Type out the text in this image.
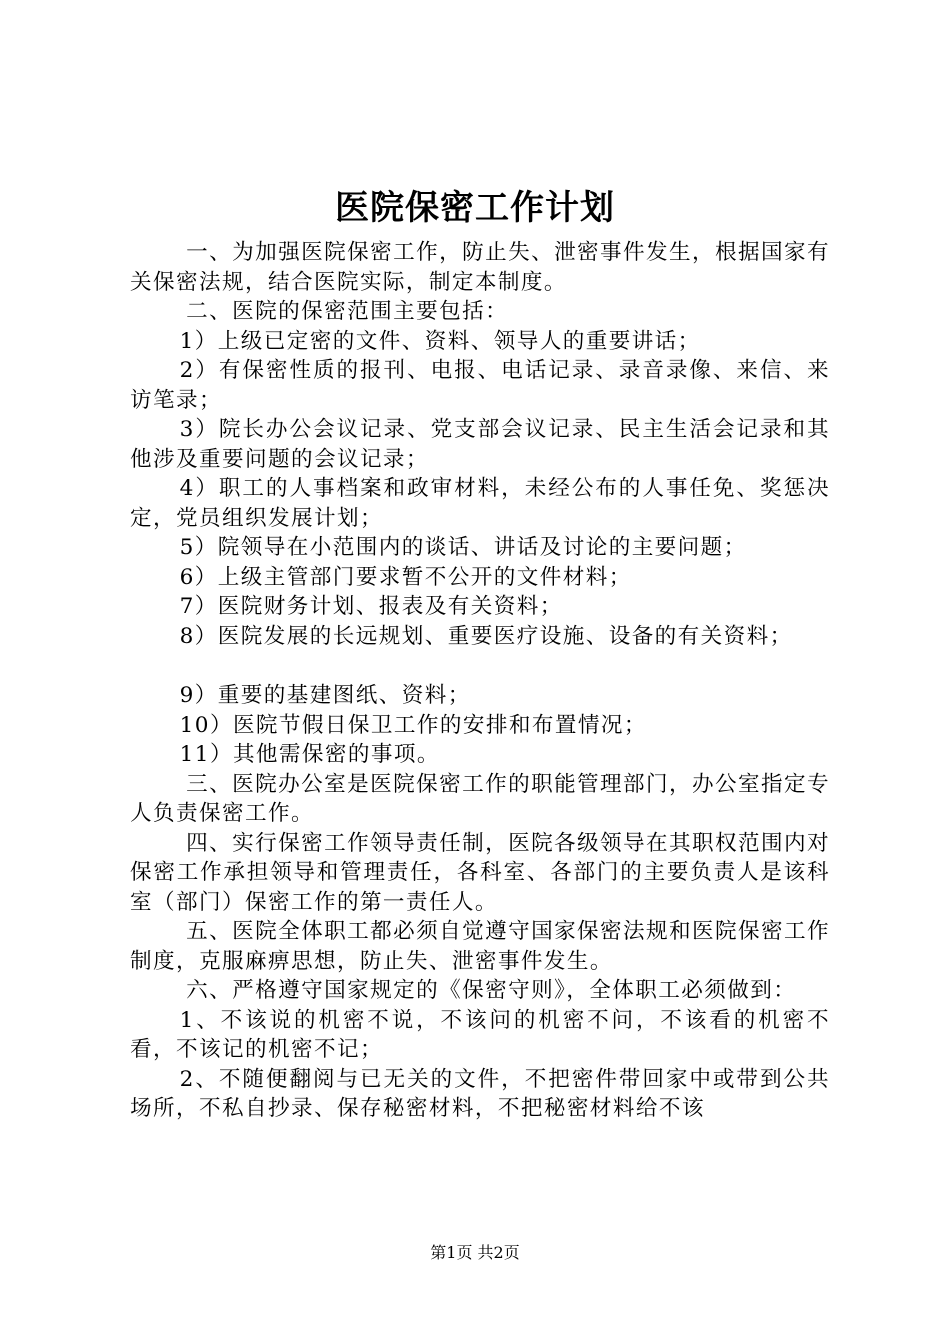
医院保密工作计划

一、为加强医院保密工作，防止失、泄密事件发生，根据国家有关保密法规，结合医院实际，制定本制度。

二、医院的保密范围主要包括：

1）上级已定密的文件、资料、领导人的重要讲话；

2）有保密性质的报刊、电报、电话记录、录音录像、来信、来访笔录；

3）院长办公会议记录、党支部会议记录、民主生活会记录和其他涉及重要问题的会议记录；

4）职工的人事档案和政审材料，未经公布的人事任免、奖惩决定，党员组织发展计划；

5）院领导在小范围内的谈话、讲话及讨论的主要问题；

6）上级主管部门要求暂不公开的文件材料；

7）医院财务计划、报表及有关资料；

8）医院发展的长远规划、重要医疗设施、设备的有关资料；

9）重要的基建图纸、资料；

10）医院节假日保卫工作的安排和布置情况；

11）其他需保密的事项。

三、医院办公室是医院保密工作的职能管理部门，办公室指定专人负责保密工作。

四、实行保密工作领导责任制，医院各级领导在其职权范围内对保密工作承担领导和管理责任，各科室、各部门的主要负责人是该科室（部门）保密工作的第一责任人。

五、医院全体职工都必须自觉遵守国家保密法规和医院保密工作制度，克服麻痹思想，防止失、泄密事件发生。

六、严格遵守国家规定的《保密守则》，全体职工必须做到：

1、不该说的机密不说，不该问的机密不问，不该看的机密不看，不该记的机密不记；

2、不随便翻阅与已无关的文件，不把密件带回家中或带到公共场所，不私自抄录、保存秘密材料，不把秘密材料给不该

第1页 共2页
